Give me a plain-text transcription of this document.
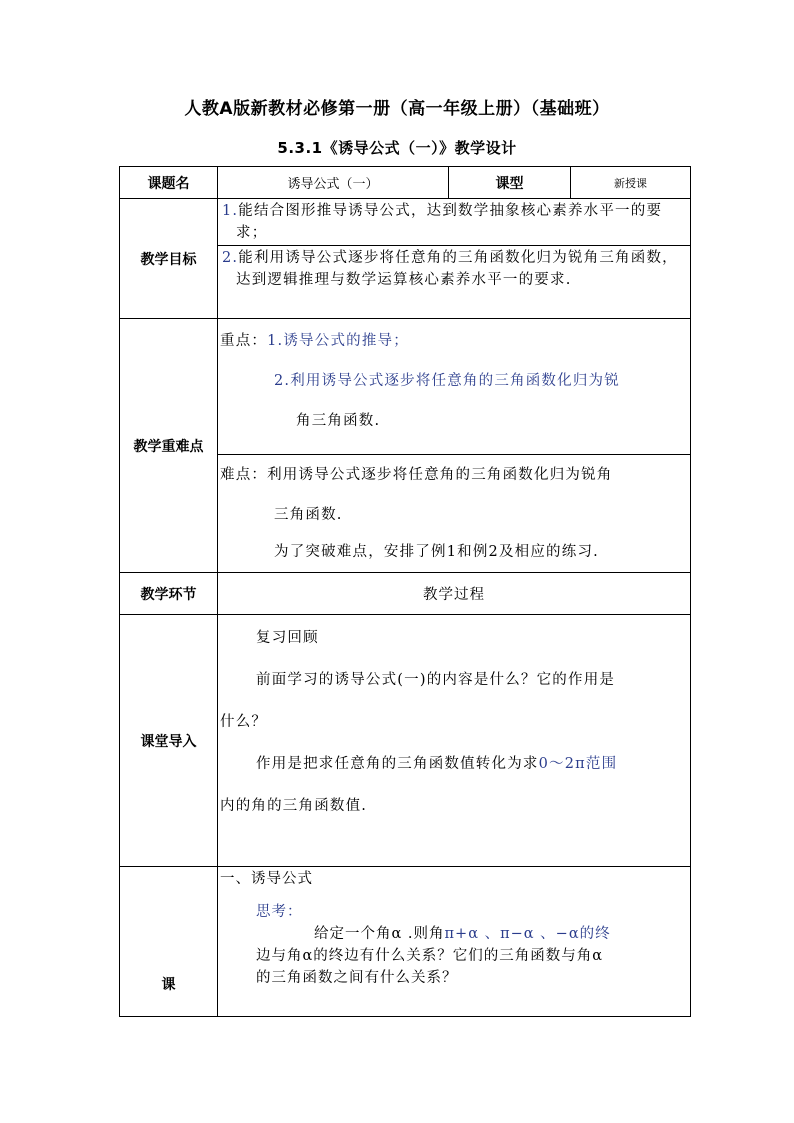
人教A版新教材必修第一册（高一年级上册）（基础班）
5.3.1《诱导公式（一）》教学设计
课题名	诱导公式（一）	课型	新授课
教学目标	1.能结合图形推导诱导公式，达到数学抽象核心素养水平一的要求；		

	2.能利用诱导公式逐步将任意角的三角函数化归为锐角三角函数，达到逻辑推理与数学运算核心素养水平一的要求.		

教学重难点	重点：1.诱导公式的推导；

2.利用诱导公式逐步将任意角的三角函数化归为锐

角三角函数.		

	难点：利用诱导公式逐步将任意角的三角函数化归为锐角

三角函数.

为了突破难点，安排了例1和例2及相应的练习.		

教学环节	教学过程		
课堂导入	复习回顾

前面学习的诱导公式(一)的内容是什么？它的作用是

什么？

作用是把求任意角的三角函数值转化为求0～2π范围

内的角的三角函数值.		

课	一、诱导公式

思考：

给定一个角α .则角π+α 、π−α 、−α的终

边与角α的终边有什么关系？它们的三角函数与角α

的三角函数之间有什么关系？		
